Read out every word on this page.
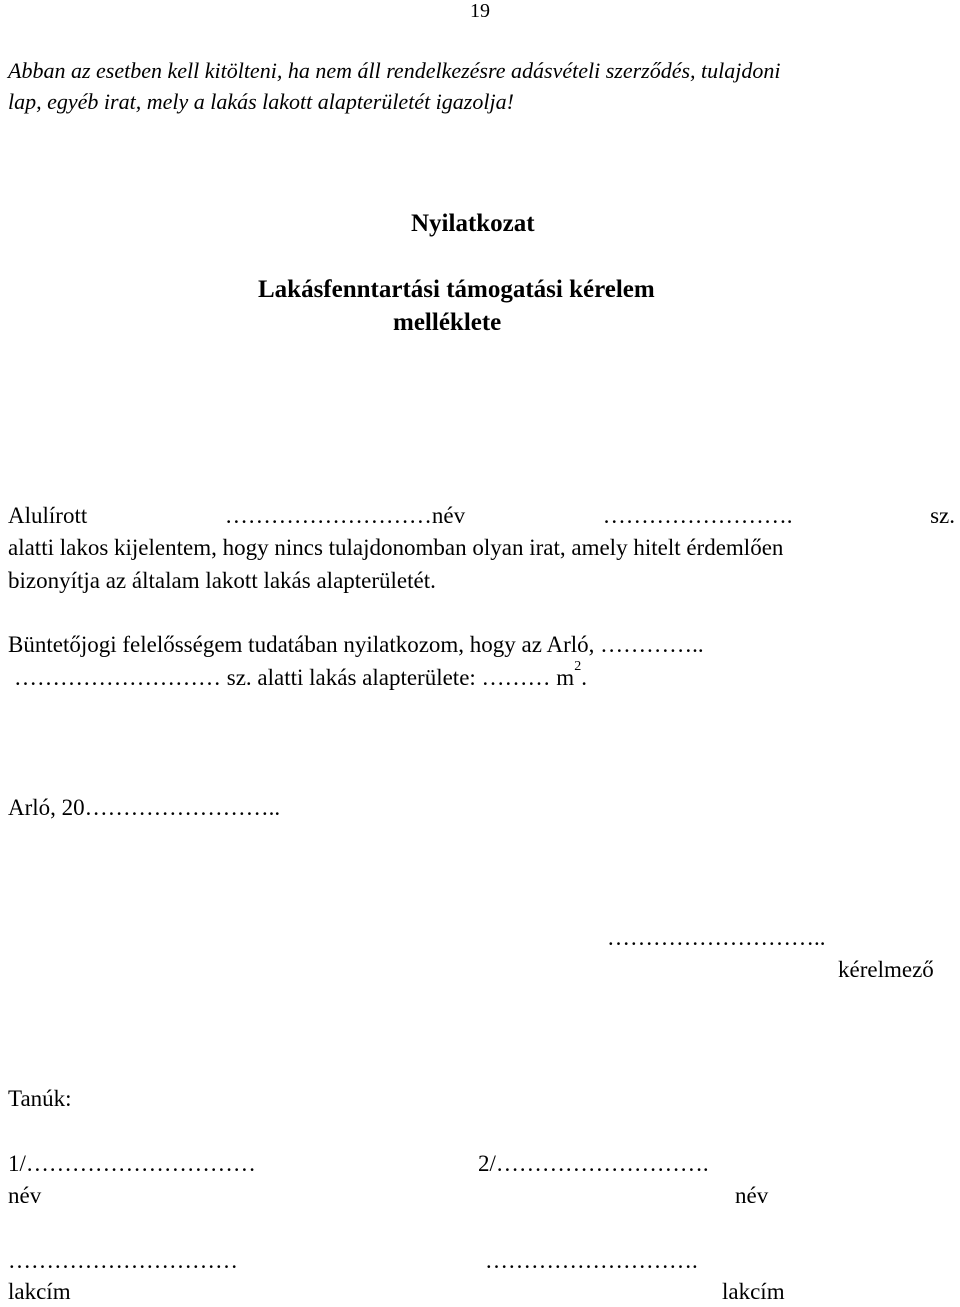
19
Abban az esetben kell kitölteni, ha nem áll rendelkezésre adásvételi szerződés, tulajdoni
lap, egyéb irat, mely a lakás lakott alapterületét igazolja!
Nyilatkozat
Lakásfenntartási támogatási kérelem
melléklete
Alulírott ………………………név ……………………. sz.
alatti lakos kijelentem, hogy nincs tulajdonomban olyan irat, amely hitelt érdemlően
bizonyítja az általam lakott lakás alapterületét.
Büntetőjogi felelősségem tudatában nyilatkozom, hogy az Arló, …………..
……………………… sz. alatti lakás alapterülete: ……… $m^2$.
Arló, 20……………………..
………………………..
kérelmező
Tanúk:
1/…………………………	2/……………………….
név	név
…………………………	……………………….
lakcím	lakcím
